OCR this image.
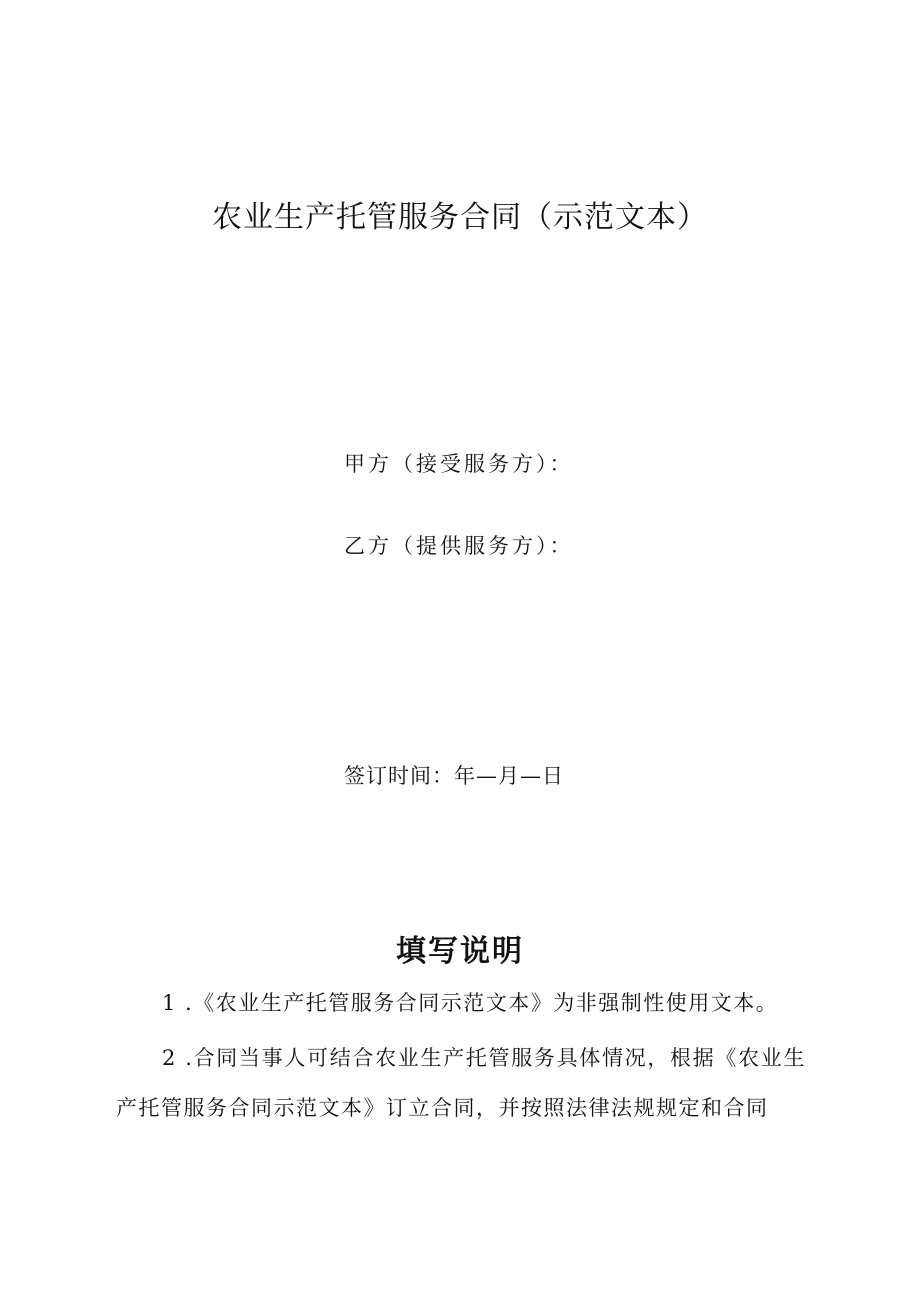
农业生产托管服务合同（示范文本）
甲方（接受服务方）：
乙方（提供服务方）：
签订时间：年—月—日
填写说明
1 .《农业生产托管服务合同示范文本》为非强制性使用文本。
2 .合同当事人可结合农业生产托管服务具体情况，根据《农业生产托管服务合同示范文本》订立合同，并按照法律法规规定和合同
